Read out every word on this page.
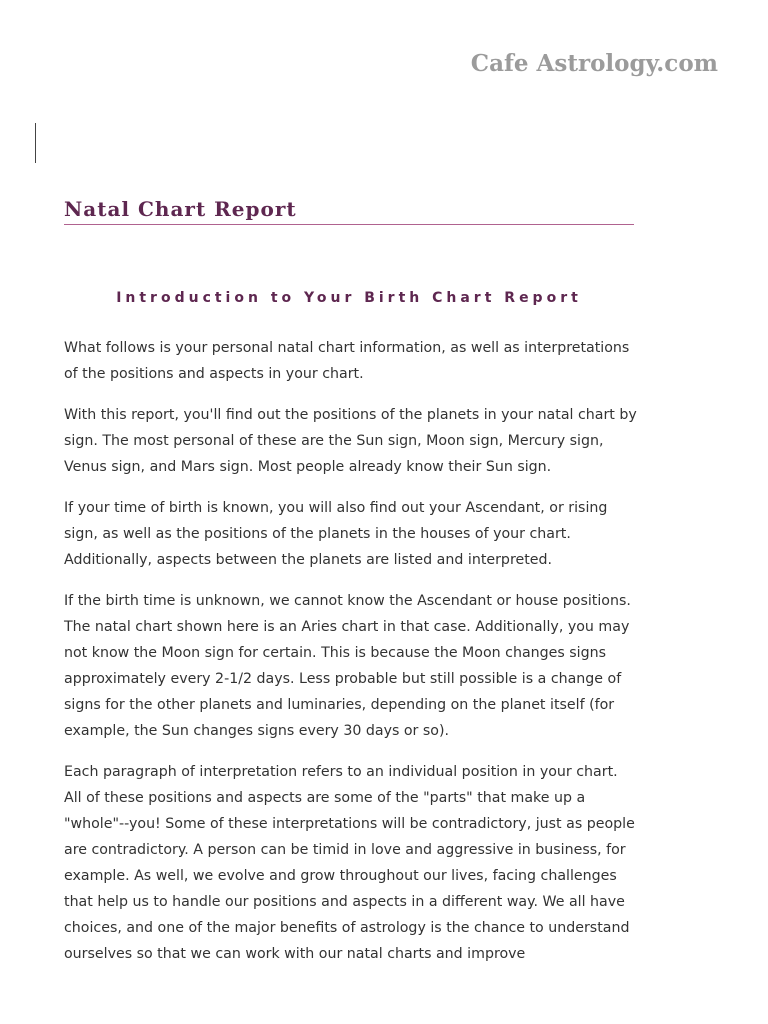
Cafe Astrology.com
Natal Chart Report
Introduction to Your Birth Chart Report

What follows is your personal natal chart information, as well as interpretations of the positions and aspects in your chart.

With this report, you'll find out the positions of the planets in your natal chart by sign. The most personal of these are the Sun sign, Moon sign, Mercury sign, Venus sign, and Mars sign. Most people already know their Sun sign.

If your time of birth is known, you will also find out your Ascendant, or rising sign, as well as the positions of the planets in the houses of your chart. Additionally, aspects between the planets are listed and interpreted.

If the birth time is unknown, we cannot know the Ascendant or house positions. The natal chart shown here is an Aries chart in that case. Additionally, you may not know the Moon sign for certain. This is because the Moon changes signs approximately every 2-1/2 days. Less probable but still possible is a change of signs for the other planets and luminaries, depending on the planet itself (for example, the Sun changes signs every 30 days or so).

Each paragraph of interpretation refers to an individual position in your chart. All of these positions and aspects are some of the "parts" that make up a "whole"--you! Some of these interpretations will be contradictory, just as people are contradictory. A person can be timid in love and aggressive in business, for example. As well, we evolve and grow throughout our lives, facing challenges that help us to handle our positions and aspects in a different way. We all have choices, and one of the major benefits of astrology is the chance to understand ourselves so that we can work with our natal charts and improve
